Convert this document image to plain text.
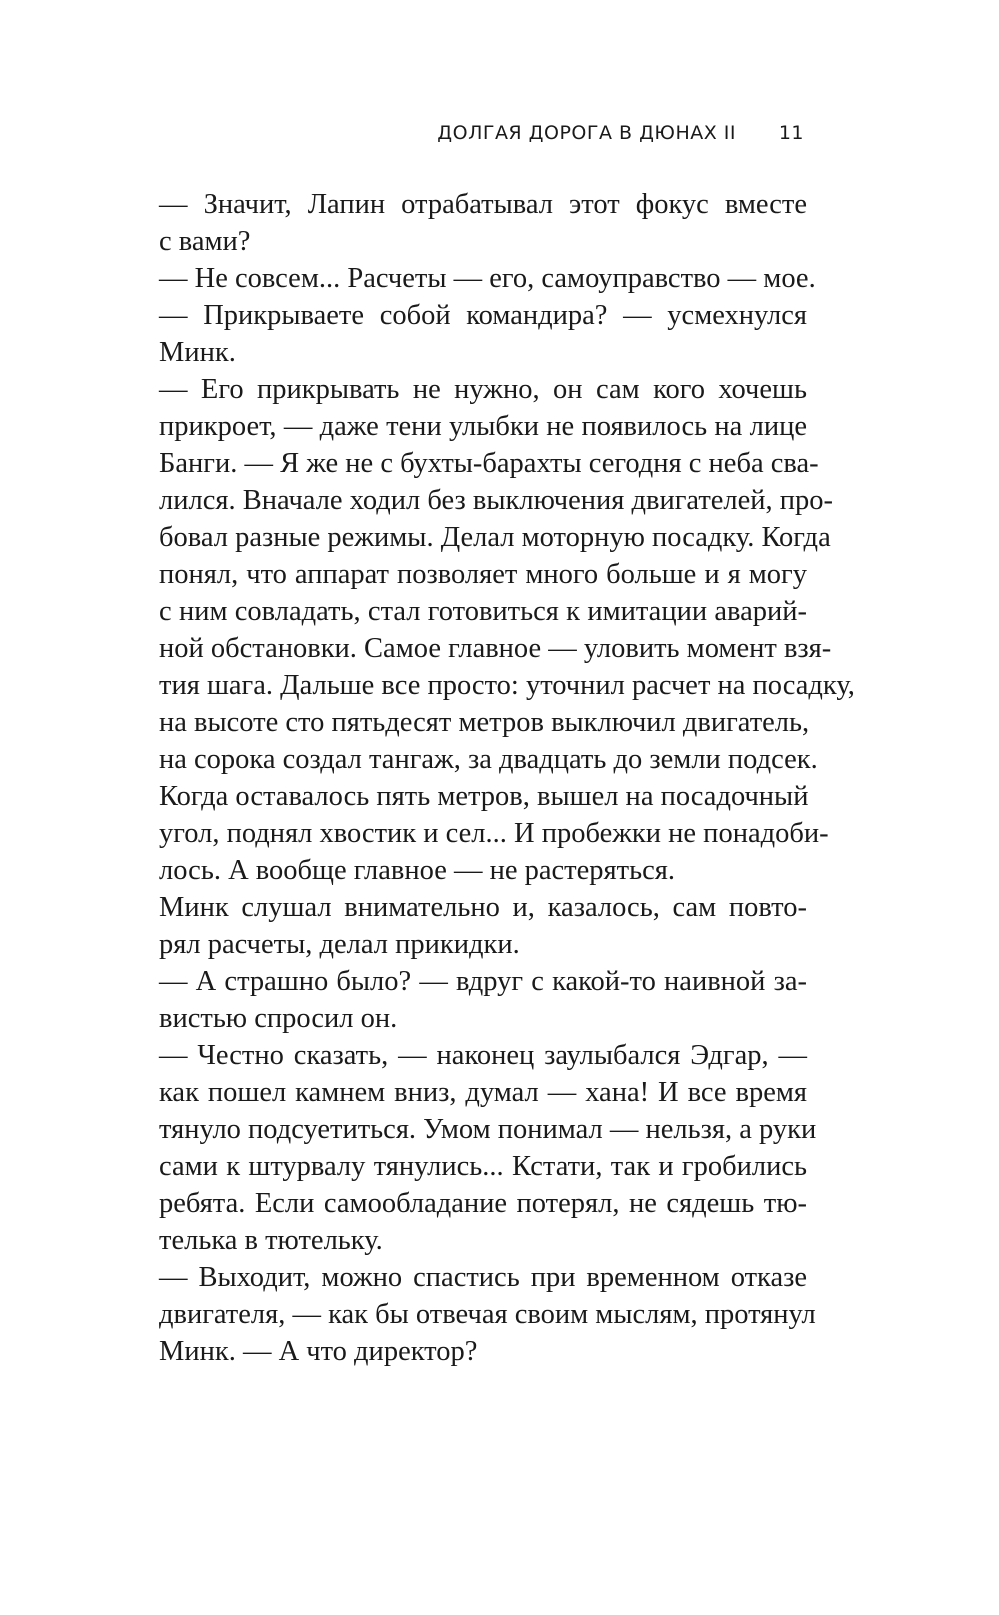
ДОЛГАЯ ДОРОГА В ДЮНАХ II 11

— Значит, Лапин отрабатывал этот фокус вместе
с вами?

— Не совсем... Расчеты — его, самоуправство — мое.

— Прикрываете собой командира? — усмехнулся
Минк.

— Его прикрывать не нужно, он сам кого хочешь
прикроет, — даже тени улыбки не появилось на лице
Банги. — Я же не с бухты-барахты сегодня с неба сва-
лился. Вначале ходил без выключения двигателей, про-
бовал разные режимы. Делал моторную посадку. Когда
понял, что аппарат позволяет много больше и я могу
с ним совладать, стал готовиться к имитации аварий-
ной обстановки. Самое главное — уловить момент взя-
тия шага. Дальше все просто: уточнил расчет на посадку,
на высоте сто пятьдесят метров выключил двигатель,
на сорока создал тангаж, за двадцать до земли подсек.
Когда оставалось пять метров, вышел на посадочный
угол, поднял хвостик и сел... И пробежки не понадоби-
лось. А вообще главное — не растеряться.

Минк слушал внимательно и, казалось, сам повто-
рял расчеты, делал прикидки.

— А страшно было? — вдруг с какой-то наивной за-
вистью спросил он.

— Честно сказать, — наконец заулыбался Эдгар, —
как пошел камнем вниз, думал — хана! И все время
тянуло подсуетиться. Умом понимал — нельзя, а руки
сами к штурвалу тянулись... Кстати, так и гробились
ребята. Если самообладание потерял, не сядешь тю-
телька в тютельку.

— Выходит, можно спастись при временном отказе
двигателя, — как бы отвечая своим мыслям, протянул
Минк. — А что директор?
